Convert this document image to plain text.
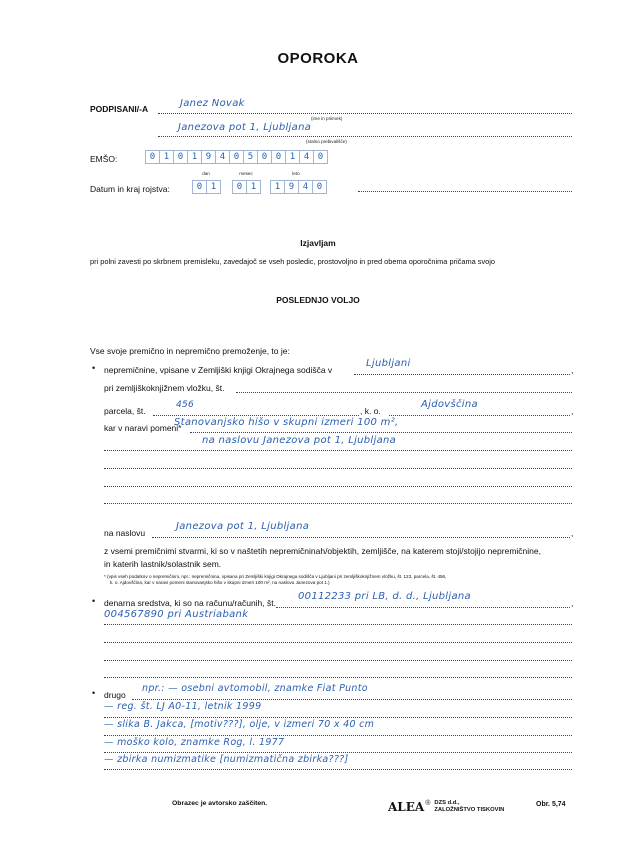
OPOROKA
PODPISANI/-A	Janez Novak
(ime in priimek)
Janezova pot 1, Ljubljana
(stalno prebivališče)
EMŠO:	0 1 0 1 9 4 0 5 0 0 1 4 0
dan	mesec	leto
Datum in kraj rojstva:	0 1	0 1	1 9 4 0
Izjavljam
pri polni zavesti po skrbnem premisleku, zavedajoč se vseh posledic, prostovoljno in pred obema oporočnima pričama svojo
POSLEDNJO VOLJO
Vse svoje premično in nepremično premoženje, to je:
• nepremičnine, vpisane v Zemljiški knjigi Okrajnega sodišča v
Ljubljani
,
pri zemljiškoknjižnem vložku, št.
parcela, št.
456
, k. o.
Ajdovščina
,
kar v naravi pomeni*
Stanovanjsko hišo v skupni izmeri 100 m²,
na naslovu Janezova pot 1, Ljubljana
na naslovu
Janezova pot 1, Ljubljana
,
z vsemi premičnimi stvarmi, ki so v naštetih nepremičninah/objektih, zemljišče, na katerem stoji/stojijo nepremičnine,
in katerih lastnik/solastnik sem.
* (vpis vseh podatkov o nepremičnini, npr.: nepremičnina, vpisana pri Zemljiški knjigi Okrajnega sodišča v Ljubljani pri zemljiškoknjižnem vložku, št. 123, parcela, št. 456,
k. o. Ajdovščina, kar v naravi pomeni stanovanjsko hišo v skupni izmeri 100 m², na naslovu Janezova pot 1.)
• denarna sredstva, ki so na računu/računih, št.
00112233 pri LB, d. d., Ljubljana
,
004567890 pri Austriabank
• drugo
npr.: — osebni avtomobil, znamke Fiat Punto
— reg. št. LJ A0-11, letnik 1999
— slika B. Jakca, [motiv???], olje, v izmeri 70 x 40 cm
— moško kolo, znamke Rog, l. 1977
— zbirka numizmatike [numizmatična zbirka???]
Obrazec je avtorsko zaščiten.	ALEA ® DZS d.d.,
ZALOŽNIŠTVO TISKOVIN
Obr. 5,74
